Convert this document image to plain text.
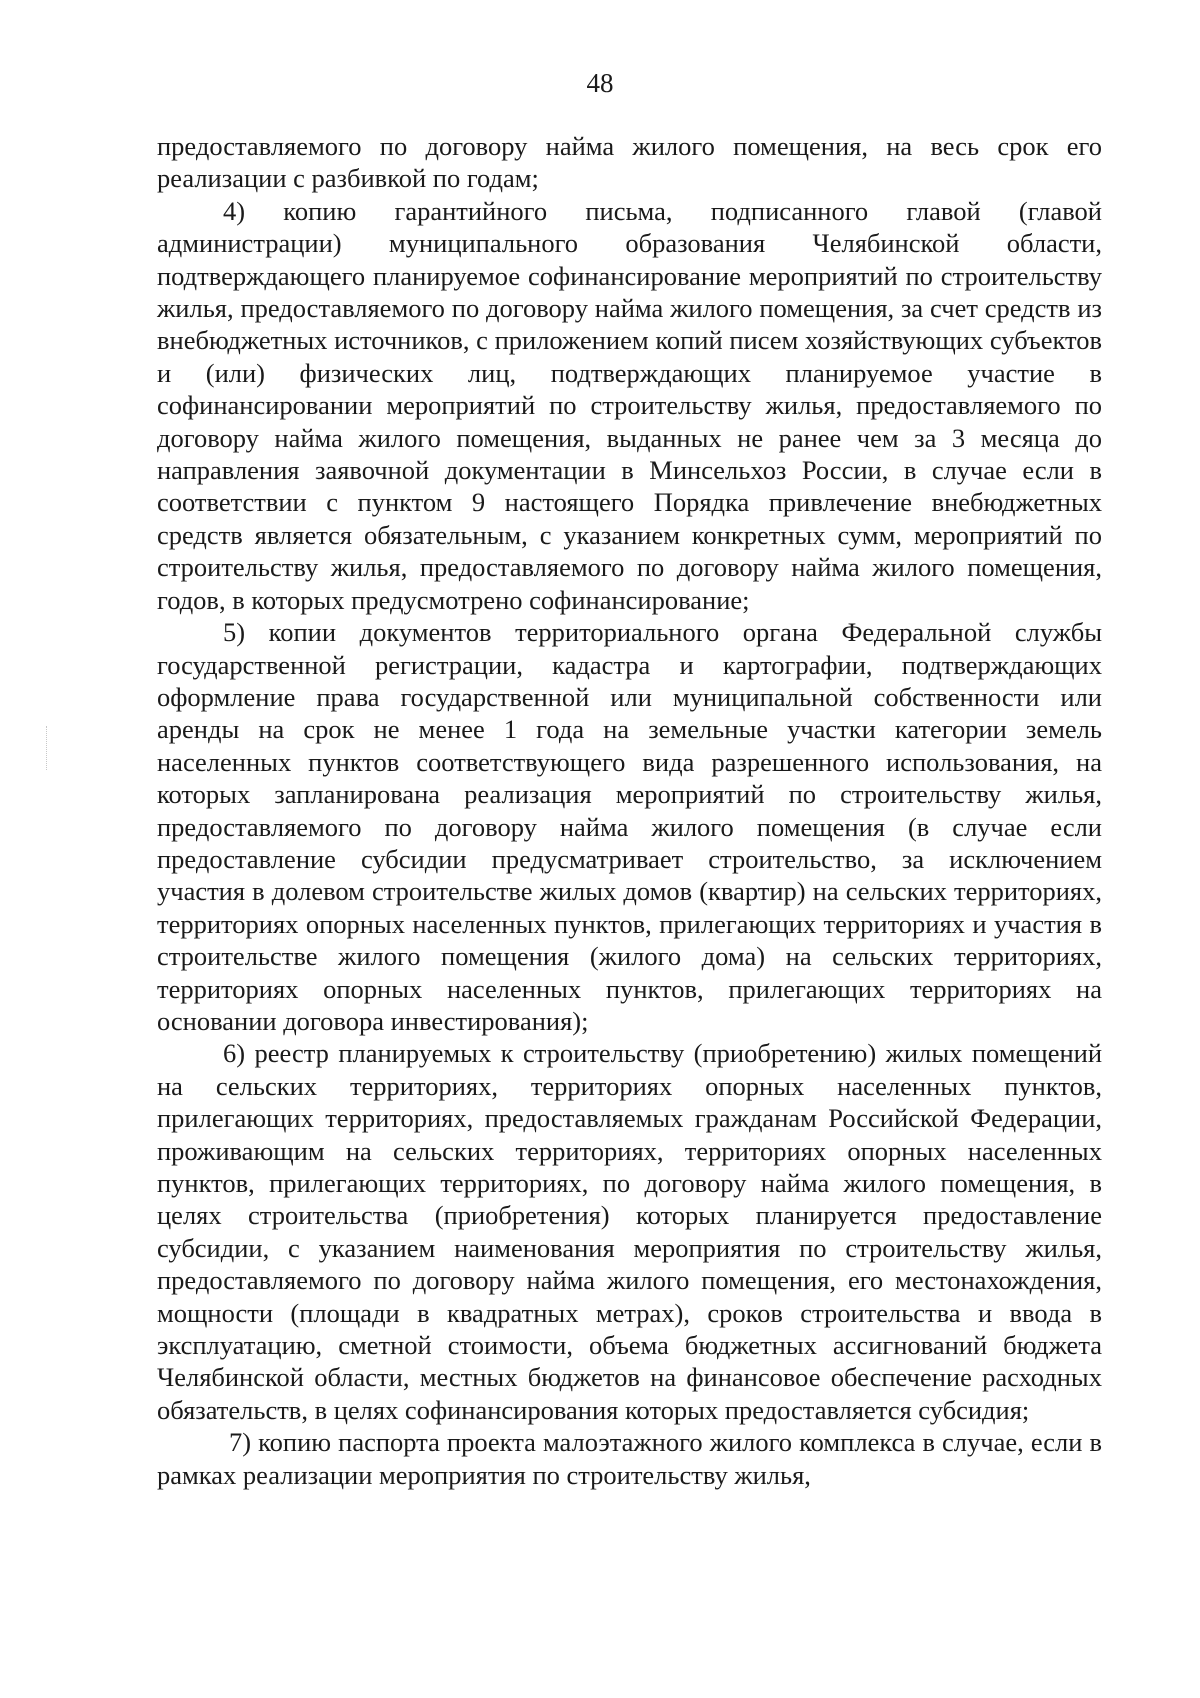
48

предоставляемого по договору найма жилого помещения, на весь срок его реализации с разбивкой по годам;

4) копию гарантийного письма, подписанного главой (главой администрации) муниципального образования Челябинской области, подтверждающего планируемое софинансирование мероприятий по строительству жилья, предоставляемого по договору найма жилого помещения, за счет средств из внебюджетных источников, с приложением копий писем хозяйствующих субъектов и (или) физических лиц, подтверждающих планируемое участие в софинансировании мероприятий по строительству жилья, предоставляемого по договору найма жилого помещения, выданных не ранее чем за 3 месяца до направления заявочной документации в Минсельхоз России, в случае если в соответствии с пунктом 9 настоящего Порядка привлечение внебюджетных средств является обязательным, с указанием конкретных сумм, мероприятий по строительству жилья, предоставляемого по договору найма жилого помещения, годов, в которых предусмотрено софинансирование;

5) копии документов территориального органа Федеральной службы государственной регистрации, кадастра и картографии, подтверждающих оформление права государственной или муниципальной собственности или аренды на срок не менее 1 года на земельные участки категории земель населенных пунктов соответствующего вида разрешенного использования, на которых запланирована реализация мероприятий по строительству жилья, предоставляемого по договору найма жилого помещения (в случае если предоставление субсидии предусматривает строительство, за исключением участия в долевом строительстве жилых домов (квартир) на сельских территориях, территориях опорных населенных пунктов, прилегающих территориях и участия в строительстве жилого помещения (жилого дома) на сельских территориях, территориях опорных населенных пунктов, прилегающих территориях на основании договора инвестирования);

6) реестр планируемых к строительству (приобретению) жилых помещений на сельских территориях, территориях опорных населенных пунктов, прилегающих территориях, предоставляемых гражданам Российской Федерации, проживающим на сельских территориях, территориях опорных населенных пунктов, прилегающих территориях, по договору найма жилого помещения, в целях строительства (приобретения) которых планируется предоставление субсидии, с указанием наименования мероприятия по строительству жилья, предоставляемого по договору найма жилого помещения, его местонахождения, мощности (площади в квадратных метрах), сроков строительства и ввода в эксплуатацию, сметной стоимости, объема бюджетных ассигнований бюджета Челябинской области, местных бюджетов на финансовое обеспечение расходных обязательств, в целях софинансирования которых предоставляется субсидия;

7) копию паспорта проекта малоэтажного жилого комплекса в случае, если в рамках реализации мероприятия по строительству жилья,
